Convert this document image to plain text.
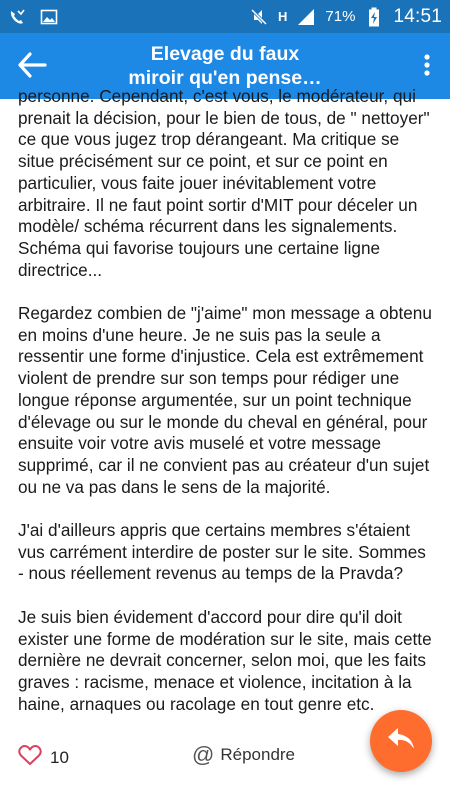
H	71% 14:51
Elevage du faux
miroir qu'en pense…

personne. Cependant, c'est vous, le modérateur, qui prenait la décision, pour le bien de tous, de " nettoyer" ce que vous jugez trop dérangeant. Ma critique se situe précisément sur ce point, et sur ce point en particulier, vous faite jouer inévitablement votre arbitraire. Il ne faut point sortir d'MIT pour déceler un modèle/ schéma récurrent dans les signalements. Schéma qui favorise toujours une certaine ligne directrice...

Regardez combien de "j'aime" mon message a obtenu en moins d'une heure. Je ne suis pas la seule a ressentir une forme d'injustice. Cela est extrêmement violent de prendre sur son temps pour rédiger une longue réponse argumentée, sur un point technique d'élevage ou sur le monde du cheval en général, pour ensuite voir votre avis muselé et votre message supprimé, car il ne convient pas au créateur d'un sujet ou ne va pas dans le sens de la majorité.

J'ai d'ailleurs appris que certains membres s'étaient vus carrément interdire de poster sur le site. Sommes - nous réellement revenus au temps de la Pravda?

Je suis bien évidement d'accord pour dire qu'il doit exister une forme de modération sur le site, mais cette dernière ne devrait concerner, selon moi, que les faits graves : racisme, menace et violence, incitation à la haine, arnaques ou racolage en tout genre etc.

10	@ Répondre
